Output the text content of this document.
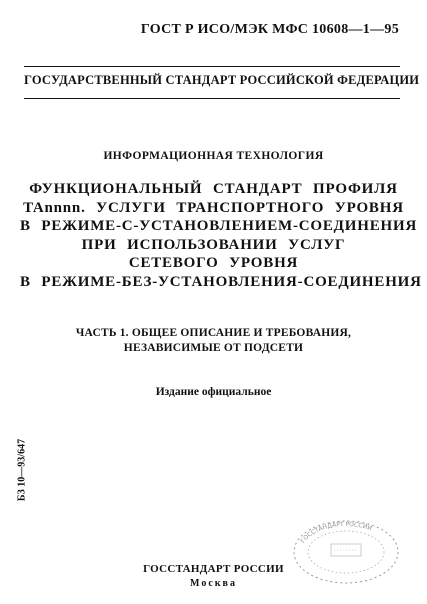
ГОСТ Р ИСО/МЭК МФС 10608—1—95
ГОСУДАРСТВЕННЫЙ СТАНДАРТ РОССИЙСКОЙ ФЕДЕРАЦИИ
ИНФОРМАЦИОННАЯ ТЕХНОЛОГИЯ
ФУНКЦИОНАЛЬНЫЙ СТАНДАРТ ПРОФИЛЯ
TAnnnn. УСЛУГИ ТРАНСПОРТНОГО УРОВНЯ
В РЕЖИМЕ-С-УСТАНОВЛЕНИЕМ-СОЕДИНЕНИЯ
ПРИ ИСПОЛЬЗОВАНИИ УСЛУГ
СЕТЕВОГО УРОВНЯ
В РЕЖИМЕ-БЕЗ-УСТАНОВЛЕНИЯ-СОЕДИНЕНИЯ
ЧАСТЬ 1. ОБЩЕЕ ОПИСАНИЕ И ТРЕБОВАНИЯ,
НЕЗАВИСИМЫЕ ОТ ПОДСЕТИ
Издание официальное
БЗ 10—93/647
ГОССТАНДАРТ РОССИИ
ГОССТАНДАРТ РОССИИ
Москва
